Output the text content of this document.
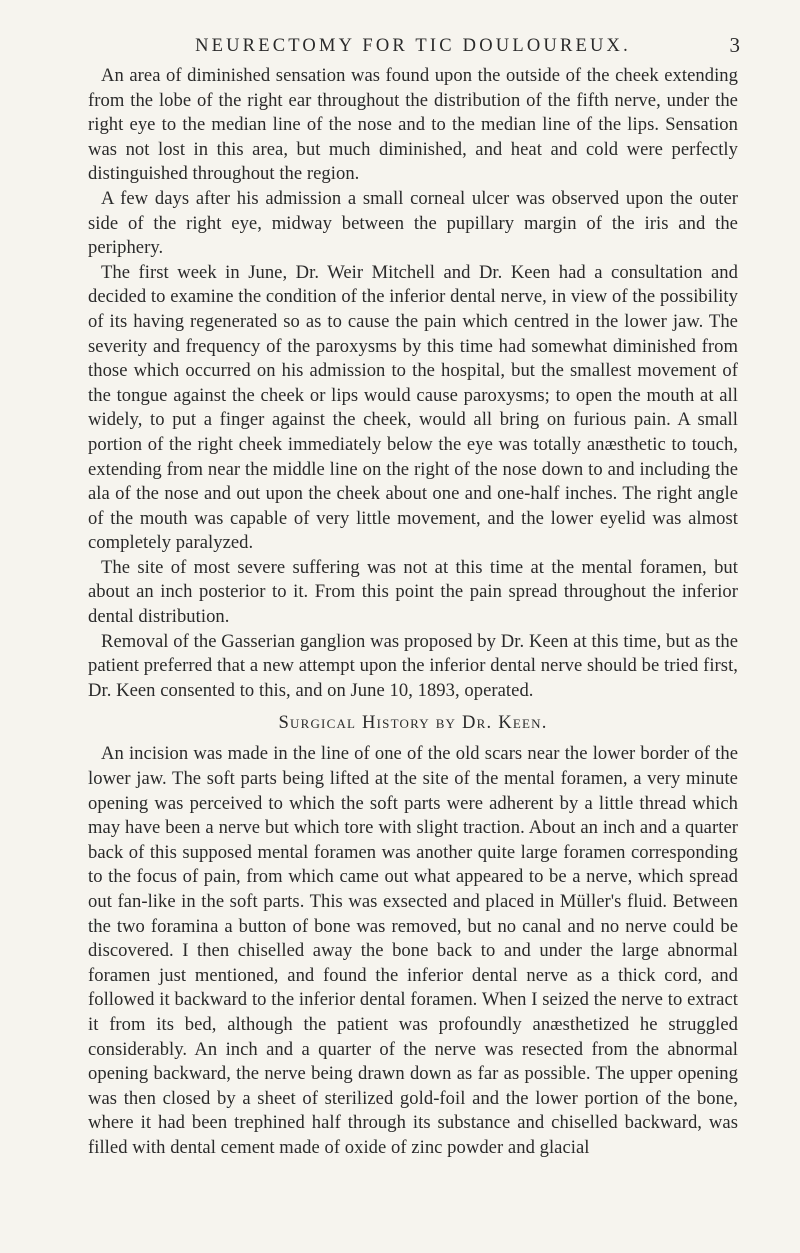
NEURECTOMY FOR TIC DOULOUREUX.	3

An area of diminished sensation was found upon the outside of the cheek extending from the lobe of the right ear throughout the distribution of the fifth nerve, under the right eye to the median line of the nose and to the median line of the lips. Sensation was not lost in this area, but much diminished, and heat and cold were perfectly distinguished throughout the region.

A few days after his admission a small corneal ulcer was observed upon the outer side of the right eye, midway between the pupillary margin of the iris and the periphery.

The first week in June, Dr. Weir Mitchell and Dr. Keen had a consultation and decided to examine the condition of the inferior dental nerve, in view of the possibility of its having regenerated so as to cause the pain which centred in the lower jaw. The severity and frequency of the paroxysms by this time had somewhat diminished from those which occurred on his admission to the hospital, but the smallest movement of the tongue against the cheek or lips would cause paroxysms; to open the mouth at all widely, to put a finger against the cheek, would all bring on furious pain. A small portion of the right cheek immediately below the eye was totally anæsthetic to touch, extending from near the middle line on the right of the nose down to and including the ala of the nose and out upon the cheek about one and one-half inches. The right angle of the mouth was capable of very little movement, and the lower eyelid was almost completely paralyzed.

The site of most severe suffering was not at this time at the mental foramen, but about an inch posterior to it. From this point the pain spread throughout the inferior dental distribution.

Removal of the Gasserian ganglion was proposed by Dr. Keen at this time, but as the patient preferred that a new attempt upon the inferior dental nerve should be tried first, Dr. Keen consented to this, and on June 10, 1893, operated.

Surgical History by Dr. Keen.

An incision was made in the line of one of the old scars near the lower border of the lower jaw. The soft parts being lifted at the site of the mental foramen, a very minute opening was perceived to which the soft parts were adherent by a little thread which may have been a nerve but which tore with slight traction. About an inch and a quarter back of this supposed mental foramen was another quite large foramen corresponding to the focus of pain, from which came out what appeared to be a nerve, which spread out fan-like in the soft parts. This was exsected and placed in Müller's fluid. Between the two foramina a button of bone was removed, but no canal and no nerve could be discovered. I then chiselled away the bone back to and under the large abnormal foramen just mentioned, and found the inferior dental nerve as a thick cord, and followed it backward to the inferior dental foramen. When I seized the nerve to extract it from its bed, although the patient was profoundly anæsthetized he struggled considerably. An inch and a quarter of the nerve was resected from the abnormal opening backward, the nerve being drawn down as far as possible. The upper opening was then closed by a sheet of sterilized gold-foil and the lower portion of the bone, where it had been trephined half through its substance and chiselled backward, was filled with dental cement made of oxide of zinc powder and glacial
